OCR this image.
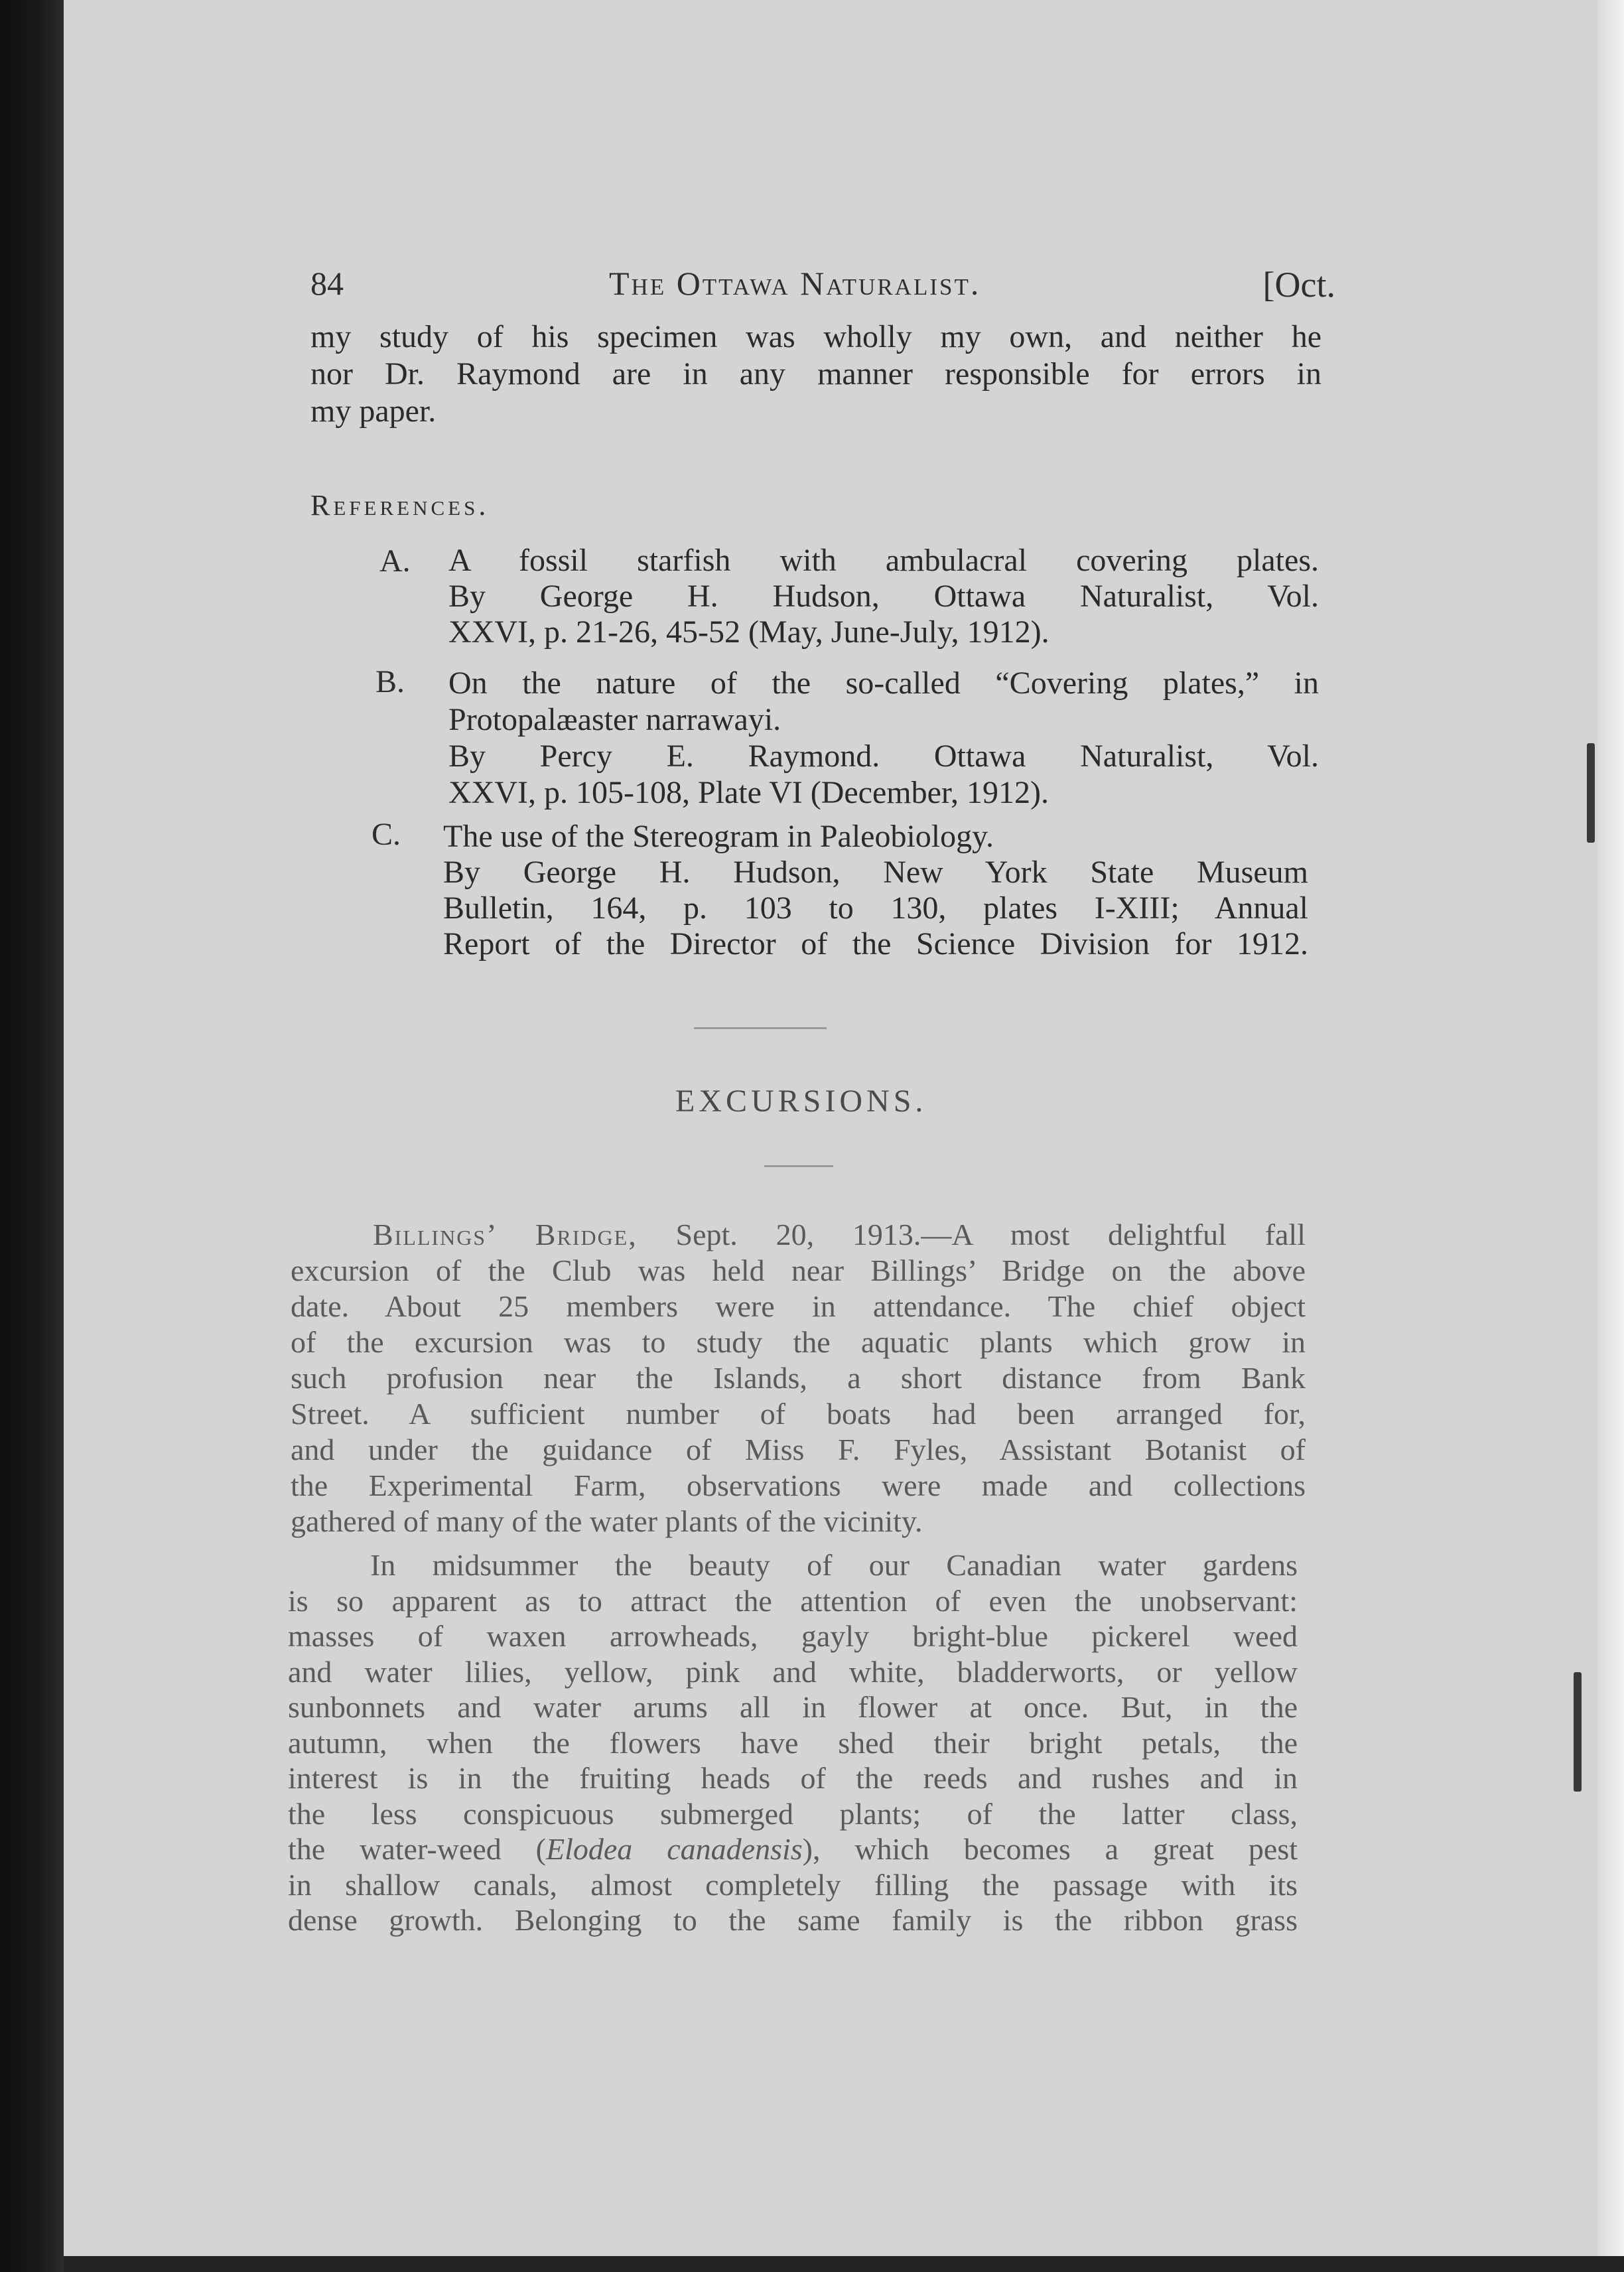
84	The Ottawa Naturalist.	[Oct.
my study of his specimen was wholly my own, and neither he
nor Dr. Raymond are in any manner responsible for errors in
my paper.
References.
A. A fossil starfish with ambulacral covering plates.
By George H. Hudson, Ottawa Naturalist, Vol.
XXVI, p. 21-26, 45-52 (May, June-July, 1912).
B. On the nature of the so-called “Covering plates,” in
Protopalæaster narrawayi.
By Percy E. Raymond. Ottawa Naturalist, Vol.
XXVI, p. 105-108, Plate VI (December, 1912).
C. The use of the Stereogram in Paleobiology.
By George H. Hudson, New York State Museum
Bulletin, 164, p. 103 to 130, plates I-XIII; Annual
Report of the Director of the Science Division for 1912.
EXCURSIONS.
Billings’ Bridge, Sept. 20, 1913.—A most delightful fall
excursion of the Club was held near Billings’ Bridge on the above
date. About 25 members were in attendance. The chief object
of the excursion was to study the aquatic plants which grow in
such profusion near the Islands, a short distance from Bank
Street. A sufficient number of boats had been arranged for,
and under the guidance of Miss F. Fyles, Assistant Botanist of
the Experimental Farm, observations were made and collections
gathered of many of the water plants of the vicinity.
In midsummer the beauty of our Canadian water gardens
is so apparent as to attract the attention of even the unobservant:
masses of waxen arrowheads, gayly bright-blue pickerel weed
and water lilies, yellow, pink and white, bladderworts, or yellow
sunbonnets and water arums all in flower at once. But, in the
autumn, when the flowers have shed their bright petals, the
interest is in the fruiting heads of the reeds and rushes and in
the less conspicuous submerged plants; of the latter class,
the water-weed (Elodea canadensis), which becomes a great pest
in shallow canals, almost completely filling the passage with its
dense growth. Belonging to the same family is the ribbon grass
